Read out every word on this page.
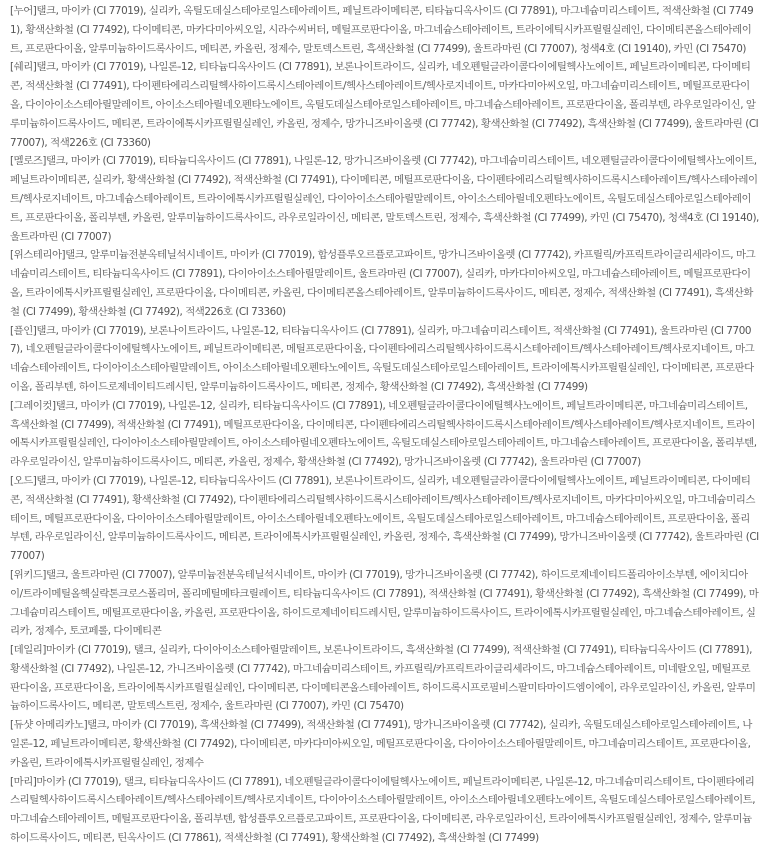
[누어]탤크, 마이카 (CI 77019), 실리카, 옥틸도데실스테아로일스테아레이트, 페닐트라이메티콘, 티타늄디옥사이드 (CI 77891), 마그네슘미리스테이트, 적색산화철 (CI 77491), 황색산화철 (CI 77492), 다이메티콘, 마카다미아씨오일, 시라수씨버터, 메틸프로판다이올, 마그네슘스테아레이트, 트라이에틱시카프릴릴실레인, 다이메티콘올스테아레이트, 프로판다이올, 알루미늄하이드록사이드, 메티콘, 카올린, 정제수, 말토덱스트린, 흑색산화철 (CI 77499), 울트라마린 (CI 77007), 청색4호 (CI 19140), 카민 (CI 75470)

[쉐리]탤크, 마이카 (CI 77019), 나일론-12, 티타늄디옥사이드 (CI 77891), 보론나이트라이드, 실리카, 네오펜틸글라이콜다이에틸헥사노에이트, 페닐트라이메티콘, 다이메티콘, 적색산화철 (CI 77491), 다이펜타에리스리틸헥사하이드록시스테아레이트/헥사스테아레이트/헥사로지네이트, 마카다미아씨오일, 마그네슘미리스테이트, 메틸프로판다이올, 다이아이소스테아릴말레이트, 아이소스테아릴네오펜타노에이트, 옥틸도데실스테아로일스테아레이트, 마그네슘스테아레이트, 프로판다이올, 폴리부텐, 라우로일라이신, 알루미늄하이드록사이드, 메티콘, 트라이에톡시카프릴릴실레인, 카올린, 정제수, 망가니즈바이올렛 (CI 77742), 황색산화철 (CI 77492), 흑색산화철 (CI 77499), 울트라마린 (CI 77007), 적색226호 (CI 73360)

[멜로즈]탤크, 마이카 (CI 77019), 티타늄디옥사이드 (CI 77891), 나일론-12, 망가니즈바이올렛 (CI 77742), 마그네슘미리스테이트, 네오펜틸글라이콜다이에틸헥사노에이트, 페닐트라이메티콘, 실리카, 황색산화철 (CI 77492), 적색산화철 (CI 77491), 다이메티콘, 메틸프로판다이올, 다이펜타에리스리틸헥사하이드록시스테아레이트/헥사스테아레이트/헥사로지네이트, 마그네슘스테아레이트, 트라이에톡시카프릴릴실레인, 다이아이소스테아릴말레이트, 아이소스테아릴네오펜타노에이트, 옥틸도데실스테아로일스테아레이트, 프로판다이올, 폴리부텐, 카올린, 알루미늄하이드록사이드, 라우로일라이신, 메티콘, 말토덱스트린, 정제수, 흑색산화철 (CI 77499), 카민 (CI 75470), 청색4호 (CI 19140), 울트라마린 (CI 77007)

[위스테리아]탤크, 알루미늄전분옥테닐석시네이트, 마이카 (CI 77019), 합성플루오르플로고파이트, 망가니즈바이올렛 (CI 77742), 카프릴릭/카프릭트라이글리세라이드, 마그네슘미리스테이트, 티타늄디옥사이드 (CI 77891), 다이아이소스테아릴말레이트, 울트라마린 (CI 77007), 실리카, 마카다미아씨오일, 마그네슘스테아레이트, 메틸프로판다이올, 트라이에톡시카프릴릴실레인, 프로판다이올, 다이메티콘, 카올린, 다이메티콘올스테아레이트, 알루미늄하이드록사이드, 메티콘, 정제수, 적색산화철 (CI 77491), 흑색산화철 (CI 77499), 황색산화철 (CI 77492), 적색226호 (CI 73360)

[플인]탤크, 마이카 (CI 77019), 보론나이트라이드, 나일론-12, 티타늄디옥사이드 (CI 77891), 실리카, 마그네슘미리스테이트, 적색산화철 (CI 77491), 울트라마린 (CI 77007), 네오펜틸글라이콜다이에틸헥사노에이트, 페닐트라이메티콘, 메틸프로판다이올, 다이펜타에리스리틸헥사하이드록시스테아레이트/헥사스테아레이트/헥사로지네이트, 마그네슘스테아레이트, 다이아이소스테아릴말레이트, 아이소스테아릴네오펜타노에이트, 옥틸도데실스테아로일스테아레이트, 트라이에톡시카프릴릴실레인, 다이메티콘, 프로판다이올, 폴리부텐, 하이드로제네이티드레시틴, 알루미늄하이드록사이드, 메티콘, 정제수, 황색산화철 (CI 77492), 흑색산화철 (CI 77499)

[그레이컷]탤크, 마이카 (CI 77019), 나일론-12, 실리카, 티타늄디옥사이드 (CI 77891), 네오펜틸글라이콜다이에틸헥사노에이트, 페닐트라이메티콘, 마그네슘미리스테이트, 흑색산화철 (CI 77499), 적색산화철 (CI 77491), 메틸프로판다이올, 다이메티콘, 다이펜타에리스리틸헥사하이드록시스테아레이트/헥사스테아레이트/헥사로지네이트, 트라이에톡시카프릴릴실레인, 다이아이소스테아릴말레이트, 아이소스테아릴네오펜타노에이트, 옥틸도데실스테아로일스테아레이트, 마그네슘스테아레이트, 프로판다이올, 폴리부텐, 라우로일라이신, 알루미늄하이드록사이드, 메티콘, 카올린, 정제수, 황색산화철 (CI 77492), 망가니즈바이올렛 (CI 77742), 울트라마린 (CI 77007)

[오드]탤크, 마이카 (CI 77019), 나일론-12, 티타늄디옥사이드 (CI 77891), 보론나이트라이드, 실리카, 네오펜틸글라이콜다이에틸헥사노에이트, 페닐트라이메티콘, 다이메티콘, 적색산화철 (CI 77491), 황색산화철 (CI 77492), 다이펜타에리스리틸헥사하이드록시스테아레이트/헥사스테아레이트/헥사로지네이트, 마카다미아씨오일, 마그네슘미리스테이트, 메틸프로판다이올, 다이아이소스테아릴말레이트, 아이소스테아릴네오펜타노에이트, 옥틸도데실스테아로일스테아레이트, 마그네슘스테아레이트, 프로판다이올, 폴리부텐, 라우로일라이신, 알루미늄하이드록사이드, 메티콘, 트라이에톡시카프릴릴실레인, 카올린, 정제수, 흑색산화철 (CI 77499), 망가니즈바이올렛 (CI 77742), 울트라마린 (CI 77007)

[위키드]탤크, 울트라마린 (CI 77007), 알루미늄전분옥테닐석시네이트, 마이카 (CI 77019), 망가니즈바이올렛 (CI 77742), 하이드로제네이티드폴리아이소부텐, 에이치디아이/트라이메틸올헥실락톤크로스폴리머, 폴리메틸메타크릴레이트, 티타늄디옥사이드 (CI 77891), 적색산화철 (CI 77491), 황색산화철 (CI 77492), 흑색산화철 (CI 77499), 마그네슘미리스테이트, 메틸프로판다이올, 카올린, 프로판다이올, 하이드로제네이티드레시틴, 알루미늄하이드록사이드, 트라이에톡시카프릴릴실레인, 마그네슘스테아레이트, 실리카, 정제수, 토코페롤, 다이메티콘

[데일리]마이카 (CI 77019), 탤크, 실리카, 다이아이소스테아릴말레이트, 보론나이트라이드, 흑색산화철 (CI 77499), 적색산화철 (CI 77491), 티타늄디옥사이드 (CI 77891), 황색산화철 (CI 77492), 나일론-12, 가니즈바이올렛 (CI 77742), 마그네슘미리스테이트, 카프릴릭/카프릭트라이글리세라이드, 마그네슘스테아레이트, 미네랄오일, 메틸프로판다이올, 프로판다이올, 트라이에톡시카프릴릴실레인, 다이메티콘, 다이메티콘올스테아레이트, 하이드록시프로필비스팔미타마이드엠이에이, 라우로일라이신, 카올린, 알루미늄하이드록사이드, 메티콘, 말토덱스트린, 정제수, 울트라마린 (CI 77007), 카민 (CI 75470)

[듀샷 아메리카노]탤크, 마이카 (CI 77019), 흑색산화철 (CI 77499), 적색산화철 (CI 77491), 망가니즈바이올렛 (CI 77742), 실리카, 옥틸도데실스테아로일스테아레이트, 나일론-12, 페닐트라이메티콘, 황색산화철 (CI 77492), 다이메티콘, 마카다미아씨오일, 메틸프로판다이올, 다이아이소스테아릴말레이트, 마그네슘미리스테이트, 프로판다이올, 카올린, 트라이에톡시카프릴릴실레인, 정제수

[마리]마이카 (CI 77019), 탤크, 티타늄디옥사이드 (CI 77891), 네오펜틸글라이콜다이에틸헥사노에이트, 페닐트라이메티콘, 나일론-12, 마그네슘미리스테이트, 다이펜타에리스리틸헥사하이드록시스테아레이트/헥사스테아레이트/헥사로지네이트, 다이아이소스테아릴말레이트, 아이소스테아릴네오펜타노에이트, 옥틸도데실스테아로일스테아레이트, 마그네슘스테아레이트, 메틸프로판다이올, 폴리부텐, 합성플루오르플로고파이트, 프로판다이올, 다이메티콘, 라우로일라이신, 트라이에톡시카프릴릴실레인, 정제수, 알루미늄하이드록사이드, 메티콘, 틴옥사이드 (CI 77861), 적색산화철 (CI 77491), 황색산화철 (CI 77492), 흑색산화철 (CI 77499)
